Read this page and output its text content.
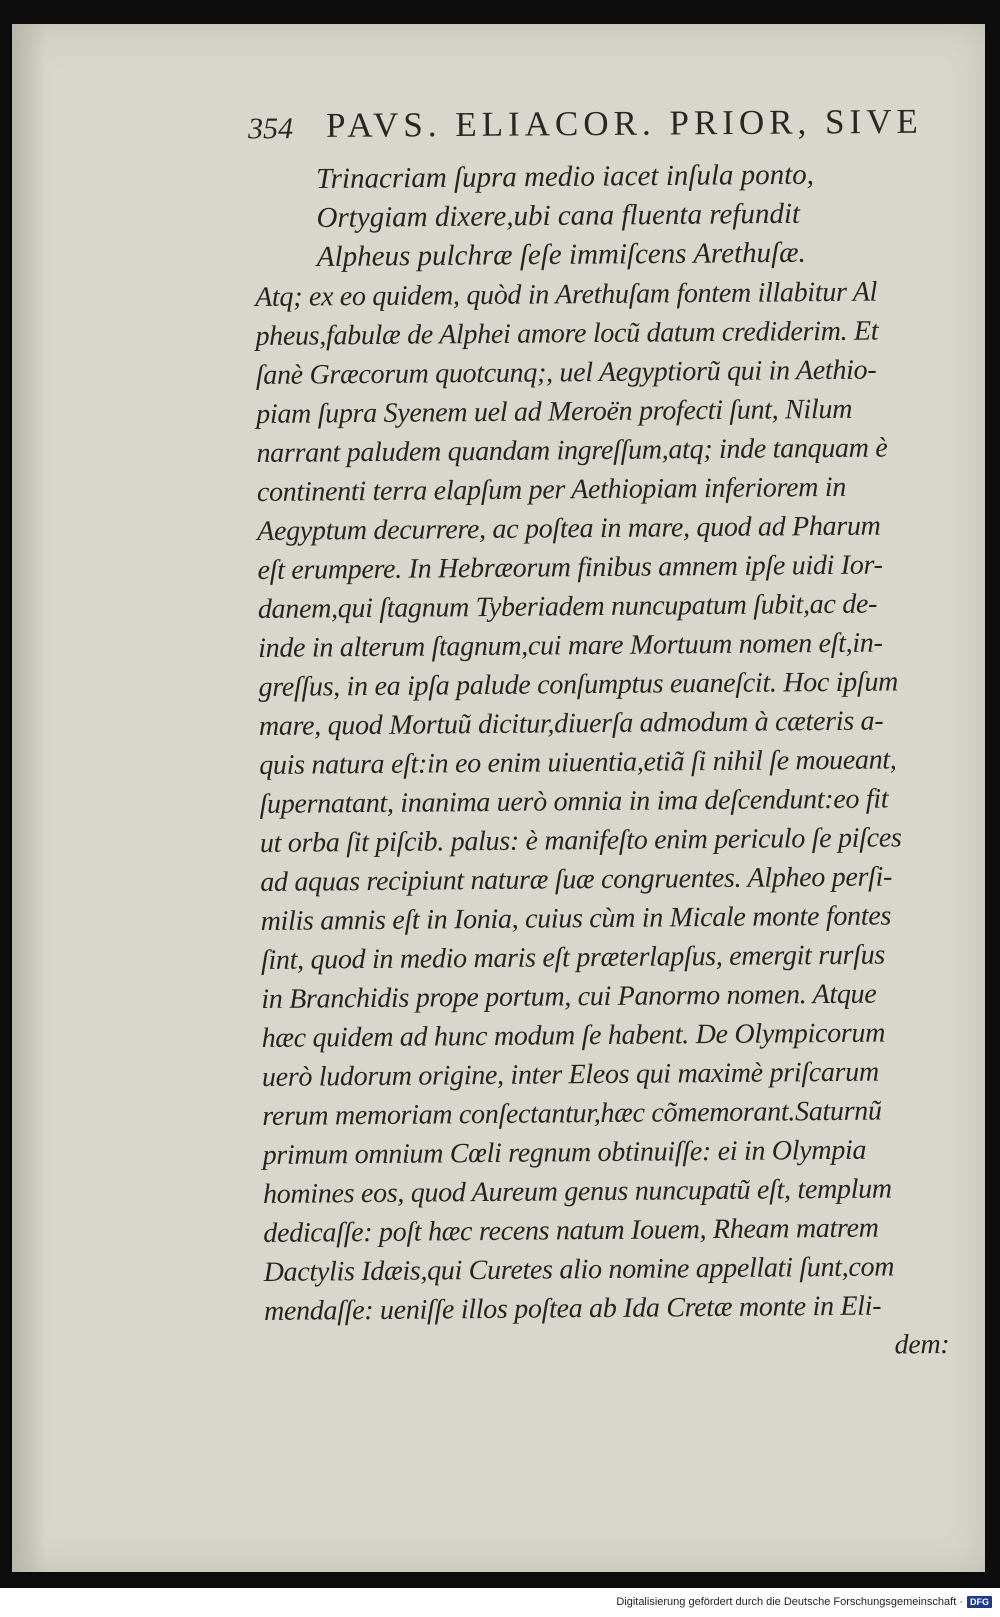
354 PAVS. ELIACOR. PRIOR, SIVE
Trinacriam ſupra medio iacet inſula ponto,
Ortygiam dixere,ubi cana fluenta refundit
Alpheus pulchræ ſeſe immiſcens Arethuſæ.
Atq; ex eo quidem, quòd in Arethuſam fontem illabitur Al
pheus,fabulæ de Alphei amore locũ datum crediderim. Et
ſanè Græcorum quotcunq;, uel Aegyptiorũ qui in Aethio-
piam ſupra Syenem uel ad Meroën profecti ſunt, Nilum
narrant paludem quandam ingreſſum,atq; inde tanquam è
continenti terra elapſum per Aethiopiam inferiorem in
Aegyptum decurrere, ac poſtea in mare, quod ad Pharum
eſt erumpere. In Hebræorum finibus amnem ipſe uidi Ior-
danem,qui ſtagnum Tyberiadem nuncupatum ſubit,ac de-
inde in alterum ſtagnum,cui mare Mortuum nomen eſt,in-
greſſus, in ea ipſa palude conſumptus euaneſcit. Hoc ipſum
mare, quod Mortuũ dicitur,diuerſa admodum à cæteris a-
quis natura eſt:in eo enim uiuentia,etiã ſi nihil ſe moueant,
ſupernatant, inanima uerò omnia in ima deſcendunt:eo fit
ut orba ſit piſcib. palus: è manifeſto enim periculo ſe piſces
ad aquas recipiunt naturæ ſuæ congruentes. Alpheo perſi-
milis amnis eſt in Ionia, cuius cùm in Micale monte fontes
ſint, quod in medio maris eſt præterlapſus, emergit rurſus
in Branchidis prope portum, cui Panormo nomen. Atque
hæc quidem ad hunc modum ſe habent. De Olympicorum
uerò ludorum origine, inter Eleos qui maximè priſcarum
rerum memoriam conſectantur,hæc cõmemorant.Saturnũ
primum omnium Cœli regnum obtinuiſſe: ei in Olympia
homines eos, quod Aureum genus nuncupatũ eſt, templum
dedicaſſe: poſt hæc recens natum Iouem, Rheam matrem
Dactylis Idæis,qui Curetes alio nomine appellati ſunt,com
mendaſſe: ueniſſe illos poſtea ab Ida Cretæ monte in Eli-
dem:
Digitalisierung gefördert durch die Deutsche Forschungsgemeinschaft · DFG
